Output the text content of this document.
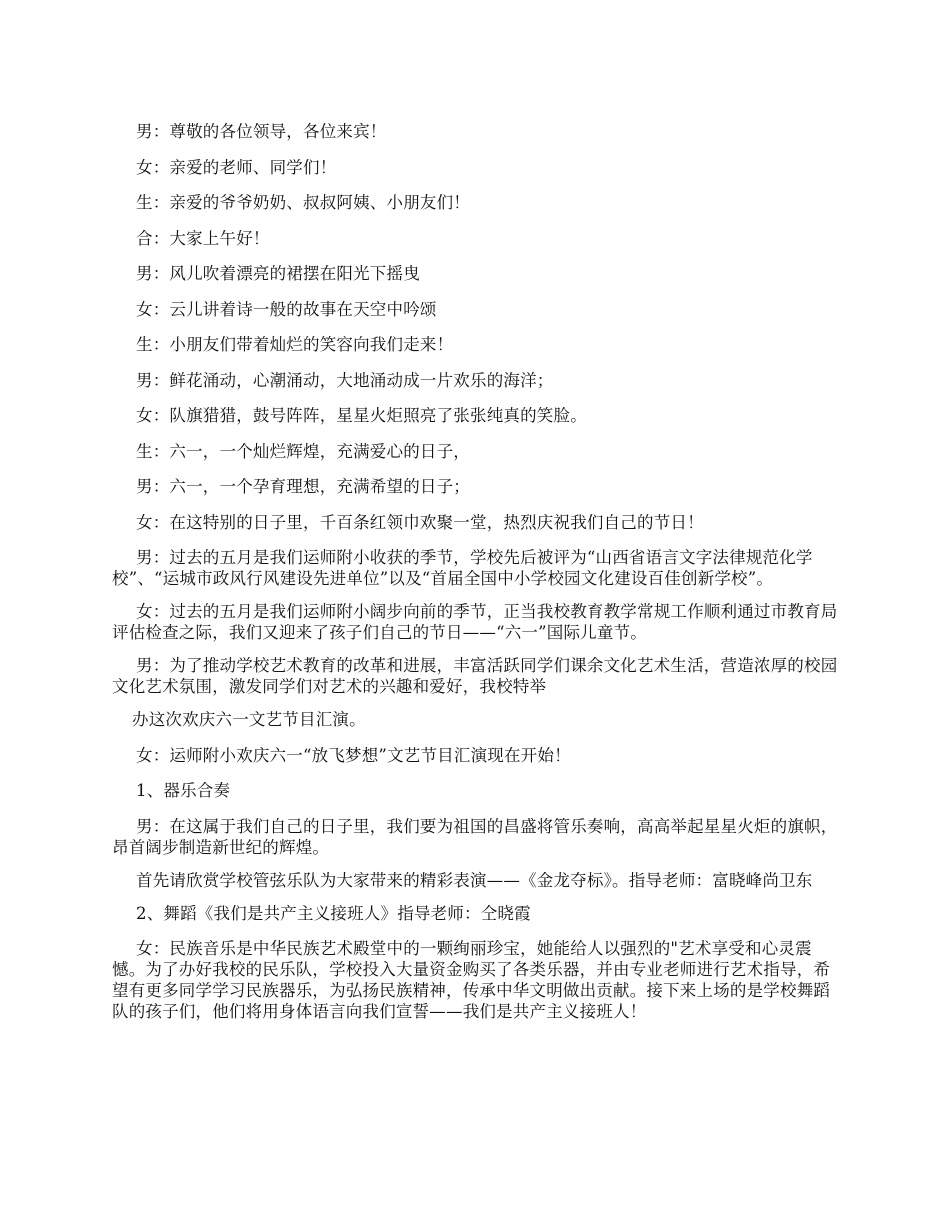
男：尊敬的各位领导，各位来宾！

女：亲爱的老师、同学们！

生：亲爱的爷爷奶奶、叔叔阿姨、小朋友们！

合：大家上午好！

男：风儿吹着漂亮的裙摆在阳光下摇曳

女：云儿讲着诗一般的故事在天空中吟颂

生：小朋友们带着灿烂的笑容向我们走来！

男：鲜花涌动，心潮涌动，大地涌动成一片欢乐的海洋；

女：队旗猎猎，鼓号阵阵，星星火炬照亮了张张纯真的笑脸。

生：六一，一个灿烂辉煌，充满爱心的日子，

男：六一，一个孕育理想，充满希望的日子；

女：在这特别的日子里，千百条红领巾欢聚一堂，热烈庆祝我们自己的节日！

男：过去的五月是我们运师附小收获的季节，学校先后被评为“山西省语言文字法律规范化学校”、“运城市政风行风建设先进单位”以及“首届全国中小学校园文化建设百佳创新学校”。

女：过去的五月是我们运师附小阔步向前的季节，正当我校教育教学常规工作顺利通过市教育局评估检查之际，我们又迎来了孩子们自己的节日——“六一”国际儿童节。

男：为了推动学校艺术教育的改革和进展，丰富活跃同学们课余文化艺术生活，营造浓厚的校园文化艺术氛围，激发同学们对艺术的兴趣和爱好，我校特举

办这次欢庆六一文艺节目汇演。

女：运师附小欢庆六一“放飞梦想”文艺节目汇演现在开始！

1、器乐合奏

男：在这属于我们自己的日子里，我们要为祖国的昌盛将管乐奏响，高高举起星星火炬的旗帜，昂首阔步制造新世纪的辉煌。

首先请欣赏学校管弦乐队为大家带来的精彩表演——《金龙夺标》。指导老师：富晓峰尚卫东

2、舞蹈《我们是共产主义接班人》指导老师：仝晓霞

女：民族音乐是中华民族艺术殿堂中的一颗绚丽珍宝，她能给人以强烈的"艺术享受和心灵震憾。为了办好我校的民乐队，学校投入大量资金购买了各类乐器，并由专业老师进行艺术指导，希望有更多同学学习民族器乐，为弘扬民族精神，传承中华文明做出贡献。接下来上场的是学校舞蹈队的孩子们，他们将用身体语言向我们宣誓——我们是共产主义接班人！
